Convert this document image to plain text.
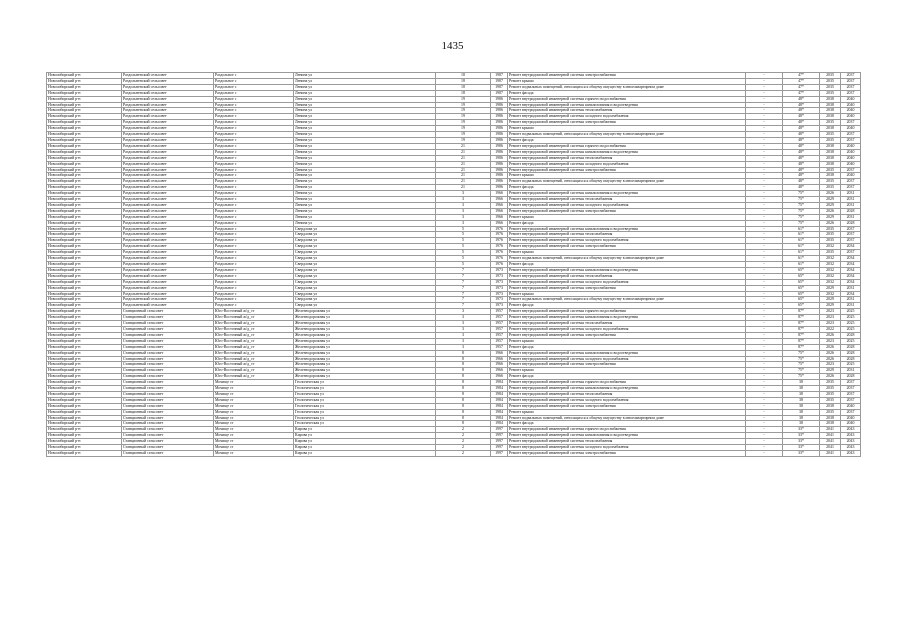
1435
Новосибирский р-н	Раздольненский сельсовет	Раздольное с	Ленина ул	18	1987	Ремонт внутридомовой инженерной системы электроснабжения	-	47*	2035	2037
Новосибирский р-н	Раздольненский сельсовет	Раздольное с	Ленина ул	18	1987	Ремонт крыши	-	47*	2035	2037
Новосибирский р-н	Раздольненский сельсовет	Раздольное с	Ленина ул	18	1987	Ремонт подвальных помещений, относящихся к общему имуществу в многоквартирном доме	-	47*	2035	2037
Новосибирский р-н	Раздольненский сельсовет	Раздольное с	Ленина ул	18	1987	Ремонт фасада	-	47*	2035	2037
Новосибирский р-н	Раздольненский сельсовет	Раздольное с	Ленина ул	19	1986	Ремонт внутридомовой инженерной системы горячего водоснабжения	-	48*	2038	2040
Новосибирский р-н	Раздольненский сельсовет	Раздольное с	Ленина ул	19	1986	Ремонт внутридомовой инженерной системы канализования и водоотведения	-	48*	2038	2040
Новосибирский р-н	Раздольненский сельсовет	Раздольное с	Ленина ул	19	1986	Ремонт внутридомовой инженерной системы теплоснабжения	-	48*	2038	2040
Новосибирский р-н	Раздольненский сельсовет	Раздольное с	Ленина ул	19	1986	Ремонт внутридомовой инженерной системы холодного водоснабжения	-	48*	2038	2040
Новосибирский р-н	Раздольненский сельсовет	Раздольное с	Ленина ул	19	1986	Ремонт внутридомовой инженерной системы электроснабжения	-	48*	2035	2037
Новосибирский р-н	Раздольненский сельсовет	Раздольное с	Ленина ул	19	1986	Ремонт крыши	-	48*	2038	2040
Новосибирский р-н	Раздольненский сельсовет	Раздольное с	Ленина ул	19	1986	Ремонт подвальных помещений, относящихся к общему имуществу в многоквартирном доме	-	48*	2035	2037
Новосибирский р-н	Раздольненский сельсовет	Раздольное с	Ленина ул	19	1986	Ремонт фасада	-	48*	2035	2037
Новосибирский р-н	Раздольненский сельсовет	Раздольное с	Ленина ул	21	1986	Ремонт внутридомовой инженерной системы горячего водоснабжения	-	48*	2038	2040
Новосибирский р-н	Раздольненский сельсовет	Раздольное с	Ленина ул	21	1986	Ремонт внутридомовой инженерной системы канализования и водоотведения	-	48*	2038	2040
Новосибирский р-н	Раздольненский сельсовет	Раздольное с	Ленина ул	21	1986	Ремонт внутридомовой инженерной системы теплоснабжения	-	48*	2038	2040
Новосибирский р-н	Раздольненский сельсовет	Раздольное с	Ленина ул	21	1986	Ремонт внутридомовой инженерной системы холодного водоснабжения	-	48*	2038	2040
Новосибирский р-н	Раздольненский сельсовет	Раздольное с	Ленина ул	21	1986	Ремонт внутридомовой инженерной системы электроснабжения	-	48*	2035	2037
Новосибирский р-н	Раздольненский сельсовет	Раздольное с	Ленина ул	21	1986	Ремонт крыши	-	48*	2038	2040
Новосибирский р-н	Раздольненский сельсовет	Раздольное с	Ленина ул	21	1986	Ремонт подвальных помещений, относящихся к общему имуществу в многоквартирном доме	-	48*	2035	2037
Новосибирский р-н	Раздольненский сельсовет	Раздольное с	Ленина ул	21	1986	Ремонт фасада	-	48*	2035	2037
Новосибирский р-н	Раздольненский сельсовет	Раздольное с	Ленина ул	3	1966	Ремонт внутридомовой инженерной системы канализования и водоотведения	-	75*	2026	2031
Новосибирский р-н	Раздольненский сельсовет	Раздольное с	Ленина ул	3	1966	Ремонт внутридомовой инженерной системы теплоснабжения	-	75*	2029	2031
Новосибирский р-н	Раздольненский сельсовет	Раздольное с	Ленина ул	3	1966	Ремонт внутридомовой инженерной системы холодного водоснабжения	-	75*	2029	2031
Новосибирский р-н	Раздольненский сельсовет	Раздольное с	Ленина ул	3	1966	Ремонт внутридомовой инженерной системы электроснабжения	-	75*	2026	2028
Новосибирский р-н	Раздольненский сельсовет	Раздольное с	Ленина ул	3	1966	Ремонт крыши	-	75*	2029	2031
Новосибирский р-н	Раздольненский сельсовет	Раздольное с	Ленина ул	3	1966	Ремонт фасада	-	75*	2026	2028
Новосибирский р-н	Раздольненский сельсовет	Раздольное с	Свердлова ул	5	1976	Ремонт внутридомовой инженерной системы канализования и водоотведения	-	61*	2035	2037
Новосибирский р-н	Раздольненский сельсовет	Раздольное с	Свердлова ул	5	1976	Ремонт внутридомовой инженерной системы теплоснабжения	-	61*	2035	2037
Новосибирский р-н	Раздольненский сельсовет	Раздольное с	Свердлова ул	5	1976	Ремонт внутридомовой инженерной системы холодного водоснабжения	-	61*	2035	2037
Новосибирский р-н	Раздольненский сельсовет	Раздольное с	Свердлова ул	5	1976	Ремонт внутридомовой инженерной системы электроснабжения	-	61*	2032	2034
Новосибирский р-н	Раздольненский сельсовет	Раздольное с	Свердлова ул	5	1976	Ремонт крыши	-	61*	2035	2037
Новосибирский р-н	Раздольненский сельсовет	Раздольное с	Свердлова ул	5	1976	Ремонт подвальных помещений, относящихся к общему имуществу в многоквартирном доме	-	61*	2032	2034
Новосибирский р-н	Раздольненский сельсовет	Раздольное с	Свердлова ул	5	1976	Ремонт фасада	-	61*	2032	2034
Новосибирский р-н	Раздольненский сельсовет	Раздольное с	Свердлова ул	7	1973	Ремонт внутридомовой инженерной системы канализования и водоотведения	-	65*	2032	2034
Новосибирский р-н	Раздольненский сельсовет	Раздольное с	Свердлова ул	7	1973	Ремонт внутридомовой инженерной системы теплоснабжения	-	65*	2032	2034
Новосибирский р-н	Раздольненский сельсовет	Раздольное с	Свердлова ул	7	1973	Ремонт внутридомовой инженерной системы холодного водоснабжения	-	65*	2032	2034
Новосибирский р-н	Раздольненский сельсовет	Раздольное с	Свердлова ул	7	1973	Ремонт внутридомовой инженерной системы электроснабжения	-	65*	2029	2031
Новосибирский р-н	Раздольненский сельсовет	Раздольное с	Свердлова ул	7	1973	Ремонт крыши	-	65*	2032	2034
Новосибирский р-н	Раздольненский сельсовет	Раздольное с	Свердлова ул	7	1973	Ремонт подвальных помещений, относящихся к общему имуществу в многоквартирном доме	-	65*	2029	2031
Новосибирский р-н	Раздольненский сельсовет	Раздольное с	Свердлова ул	7	1973	Ремонт фасада	-	65*	2029	2031
Новосибирский р-н	Станционный сельсовет	Юго-Восточный ж/д_ст	Железнодорожная ул	3	1957	Ремонт внутридомовой инженерной системы горячего водоснабжения	-	87*	2023	2025
Новосибирский р-н	Станционный сельсовет	Юго-Восточный ж/д_ст	Железнодорожная ул	3	1957	Ремонт внутридомовой инженерной системы канализования и водоотведения	-	87*	2023	2025
Новосибирский р-н	Станционный сельсовет	Юго-Восточный ж/д_ст	Железнодорожная ул	3	1957	Ремонт внутридомовой инженерной системы теплоснабжения	-	87*	2023	2025
Новосибирский р-н	Станционный сельсовет	Юго-Восточный ж/д_ст	Железнодорожная ул	3	1957	Ремонт внутридомовой инженерной системы холодного водоснабжения	-	87*	2022	2025
Новосибирский р-н	Станционный сельсовет	Юго-Восточный ж/д_ст	Железнодорожная ул	3	1957	Ремонт внутридомовой инженерной системы электроснабжения	-	87*	2026	2028
Новосибирский р-н	Станционный сельсовет	Юго-Восточный ж/д_ст	Железнодорожная ул	3	1957	Ремонт крыши	-	87*	2023	2025
Новосибирский р-н	Станционный сельсовет	Юго-Восточный ж/д_ст	Железнодорожная ул	3	1957	Ремонт фасада	-	87*	2026	2028
Новосибирский р-н	Станционный сельсовет	Юго-Восточный ж/д_ст	Железнодорожная ул	8	1966	Ремонт внутридомовой инженерной системы канализования и водоотведения	-	75*	2026	2028
Новосибирский р-н	Станционный сельсовет	Юго-Восточный ж/д_ст	Железнодорожная ул	8	1966	Ремонт внутридомовой инженерной системы холодного водоснабжения	-	75*	2026	2028
Новосибирский р-н	Станционный сельсовет	Юго-Восточный ж/д_ст	Железнодорожная ул	8	1966	Ремонт внутридомовой инженерной системы электроснабжения	-	75*	2023	2025
Новосибирский р-н	Станционный сельсовет	Юго-Восточный ж/д_ст	Железнодорожная ул	8	1966	Ремонт крыши	-	75*	2029	2031
Новосибирский р-н	Станционный сельсовет	Юго-Восточный ж/д_ст	Железнодорожная ул	8	1966	Ремонт фасада	-	75*	2026	2028
Новосибирский р-н	Станционный сельсовет	Мочище ст	Геологическая ул	8	1984	Ремонт внутридомовой инженерной системы горячего водоснабжения	-	38	2035	2037
Новосибирский р-н	Станционный сельсовет	Мочище ст	Геологическая ул	8	1984	Ремонт внутридомовой инженерной системы канализования и водоотведения	-	38	2035	2037
Новосибирский р-н	Станционный сельсовет	Мочище ст	Геологическая ул	8	1984	Ремонт внутридомовой инженерной системы теплоснабжения	-	38	2035	2037
Новосибирский р-н	Станционный сельсовет	Мочище ст	Геологическая ул	8	1984	Ремонт внутридомовой инженерной системы холодного водоснабжения	-	38	2035	2037
Новосибирский р-н	Станционный сельсовет	Мочище ст	Геологическая ул	8	1984	Ремонт внутридомовой инженерной системы электроснабжения	-	38	2038	2040
Новосибирский р-н	Станционный сельсовет	Мочище ст	Геологическая ул	8	1984	Ремонт крыши	-	38	2035	2037
Новосибирский р-н	Станционный сельсовет	Мочище ст	Геологическая ул	8	1984	Ремонт подвальных помещений, относящихся к общему имуществу в многоквартирном доме	-	38	2038	2040
Новосибирский р-н	Станционный сельсовет	Мочище ст	Геологическая ул	8	1984	Ремонт фасада	-	38	2038	2040
Новосибирский р-н	Станционный сельсовет	Мочище ст	Кирова ул	2	1997	Ремонт внутридомовой инженерной системы горячего водоснабжения	-	33*	2041	2043
Новосибирский р-н	Станционный сельсовет	Мочище ст	Кирова ул	2	1997	Ремонт внутридомовой инженерной системы канализования и водоотведения	-	33*	2041	2043
Новосибирский р-н	Станционный сельсовет	Мочище ст	Кирова ул	2	1997	Ремонт внутридомовой инженерной системы теплоснабжения	-	33*	2041	2043
Новосибирский р-н	Станционный сельсовет	Мочище ст	Кирова ул	2	1997	Ремонт внутридомовой инженерной системы холодного водоснабжения	-	33*	2041	2043
Новосибирский р-н	Станционный сельсовет	Мочище ст	Кирова ул	2	1997	Ремонт внутридомовой инженерной системы электроснабжения	-	33*	2041	2043
